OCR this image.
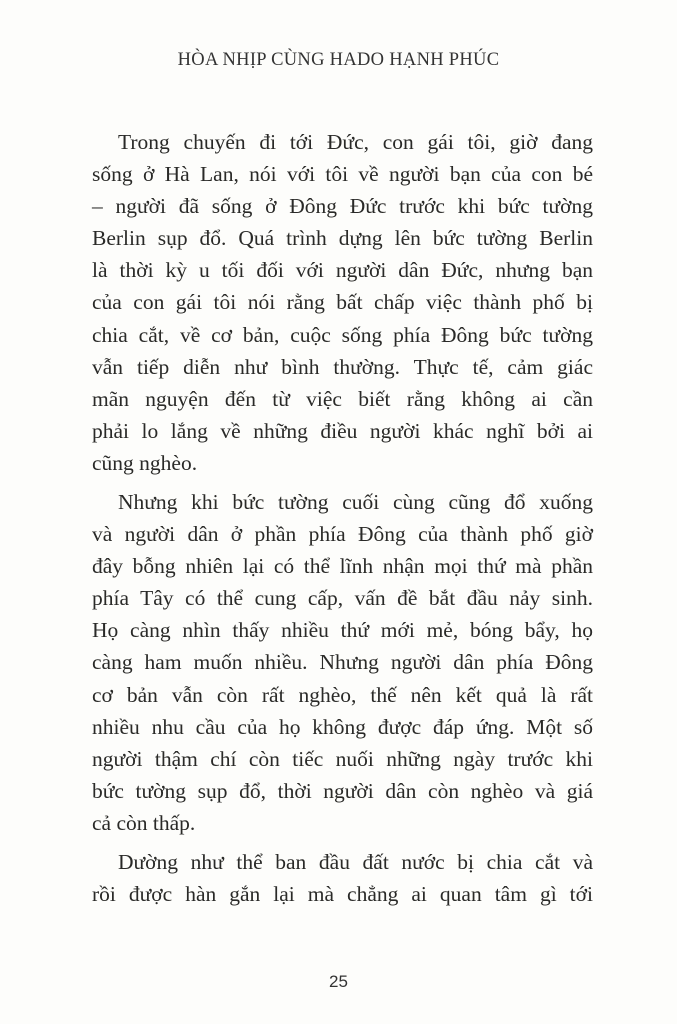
HÒA NHỊP CÙNG HADO HẠNH PHÚC
Trong chuyến đi tới Đức, con gái tôi, giờ đang
sống ở Hà Lan, nói với tôi về người bạn của con bé
– người đã sống ở Đông Đức trước khi bức tường
Berlin sụp đổ. Quá trình dựng lên bức tường Berlin
là thời kỳ u tối đối với người dân Đức, nhưng bạn
của con gái tôi nói rằng bất chấp việc thành phố bị
chia cắt, về cơ bản, cuộc sống phía Đông bức tường
vẫn tiếp diễn như bình thường. Thực tế, cảm giác
mãn nguyện đến từ việc biết rằng không ai cần
phải lo lắng về những điều người khác nghĩ bởi ai
cũng nghèo.
Nhưng khi bức tường cuối cùng cũng đổ xuống
và người dân ở phần phía Đông của thành phố giờ
đây bỗng nhiên lại có thể lĩnh nhận mọi thứ mà phần
phía Tây có thể cung cấp, vấn đề bắt đầu nảy sinh.
Họ càng nhìn thấy nhiều thứ mới mẻ, bóng bẩy, họ
càng ham muốn nhiều. Nhưng người dân phía Đông
cơ bản vẫn còn rất nghèo, thế nên kết quả là rất
nhiều nhu cầu của họ không được đáp ứng. Một số
người thậm chí còn tiếc nuối những ngày trước khi
bức tường sụp đổ, thời người dân còn nghèo và giá
cả còn thấp.
Dường như thể ban đầu đất nước bị chia cắt và
rồi được hàn gắn lại mà chẳng ai quan tâm gì tới
25
